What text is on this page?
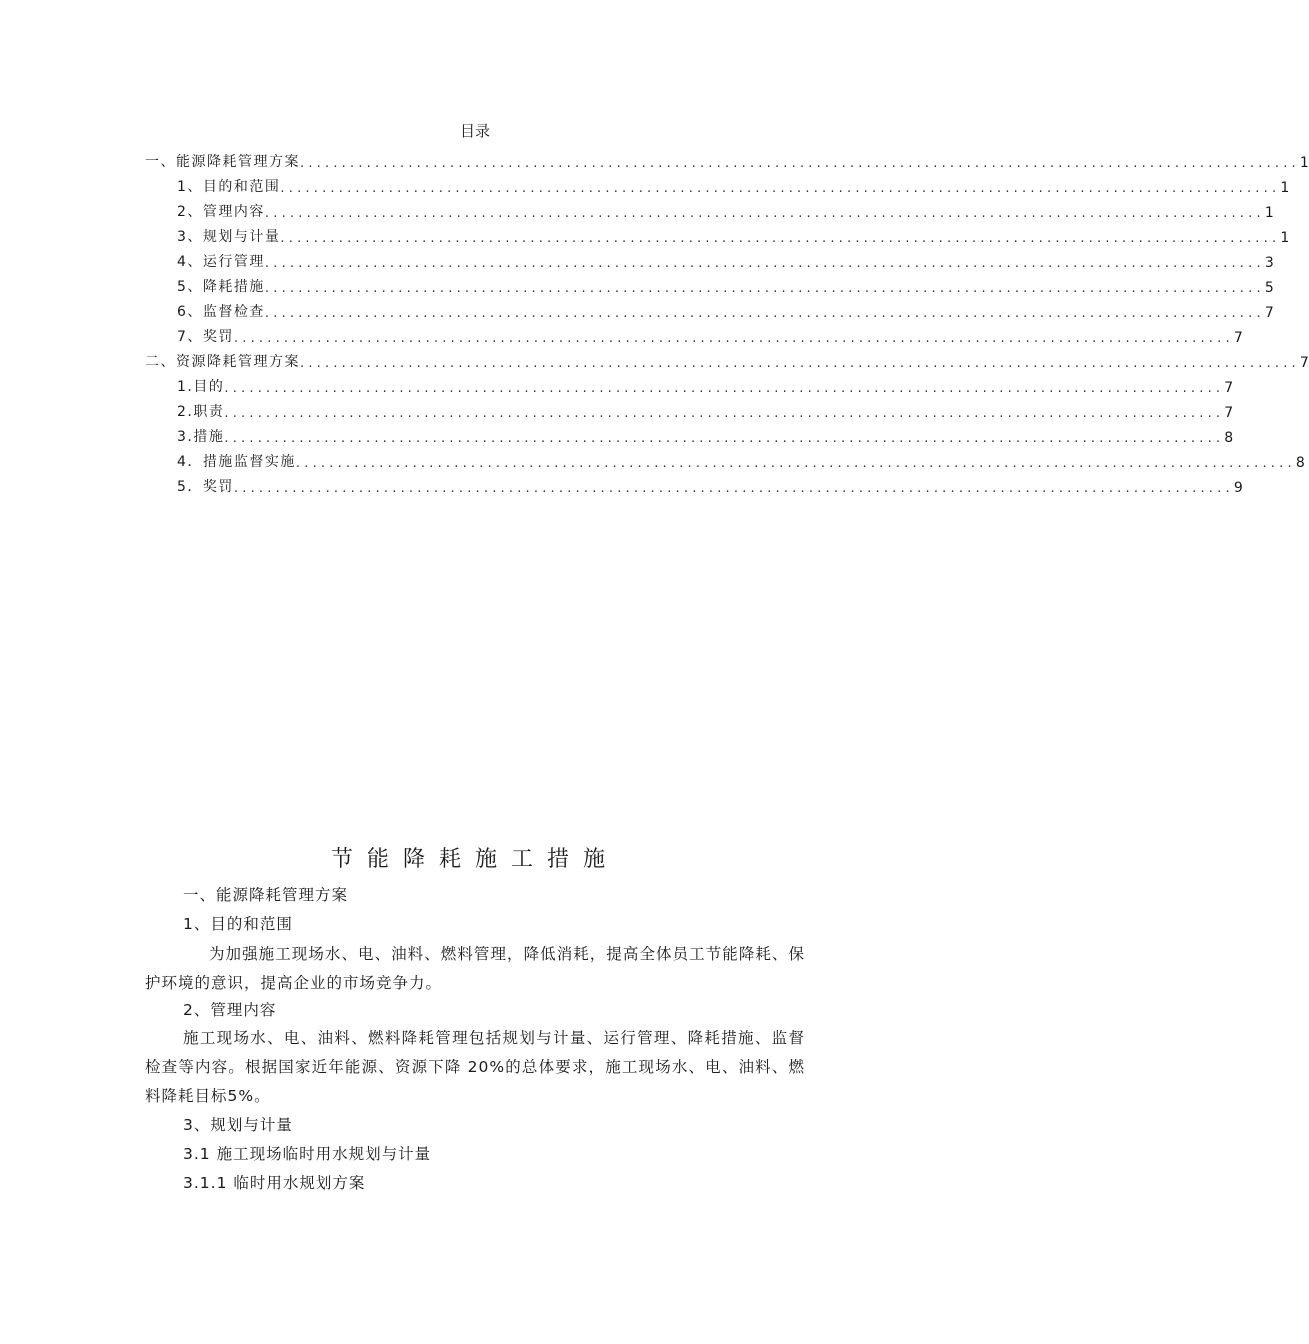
目录
一、能源降耗管理方案 ........................................................................................................................ 1
1、目的和范围 ........................................................................................................................ 1
2、管理内容 ........................................................................................................................ 1
3、规划与计量 ........................................................................................................................ 1
4、运行管理 ........................................................................................................................ 3
5、降耗措施 ........................................................................................................................ 5
6、监督检查 ........................................................................................................................ 7
7、奖罚 ........................................................................................................................ 7
二、资源降耗管理方案 ........................................................................................................................ 7
1.目的 ........................................................................................................................ 7
2.职责 ........................................................................................................................ 7
3.措施 ........................................................................................................................ 8
4．措施监督实施 ........................................................................................................................ 8
5．奖罚 ........................................................................................................................ 9
节能降耗施工措施
一、能源降耗管理方案
1、目的和范围
为加强施工现场水、电、油料、燃料管理，降低消耗，提高全体员工节能降耗、保护环境的意识，提高企业的市场竞争力。
2、管理内容
施工现场水、电、油料、燃料降耗管理包括规划与计量、运行管理、降耗措施、监督检查等内容。根据国家近年能源、资源下降 20%的总体要求，施工现场水、电、油料、燃料降耗目标5%。
3、规划与计量
3.1 施工现场临时用水规划与计量
3.1.1 临时用水规划方案
